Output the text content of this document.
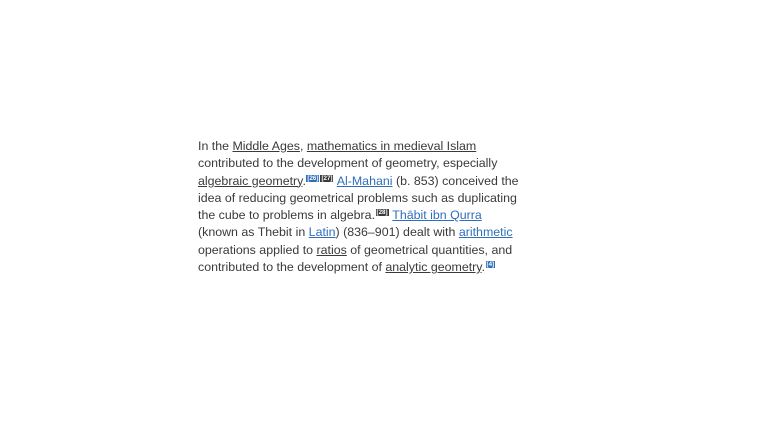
In the Middle Ages, mathematics in medieval Islam
contributed to the development of geometry, especially
algebraic geometry. [26] [27] Al-Mahani (b. 853) conceived the
idea of reducing geometrical problems such as duplicating
the cube to problems in algebra. [28] Thābit ibn Qurra
(known as Thebit in Latin) (836–901) dealt with arithmetic
operations applied to ratios of geometrical quantities, and
contributed to the development of analytic geometry. [4]
